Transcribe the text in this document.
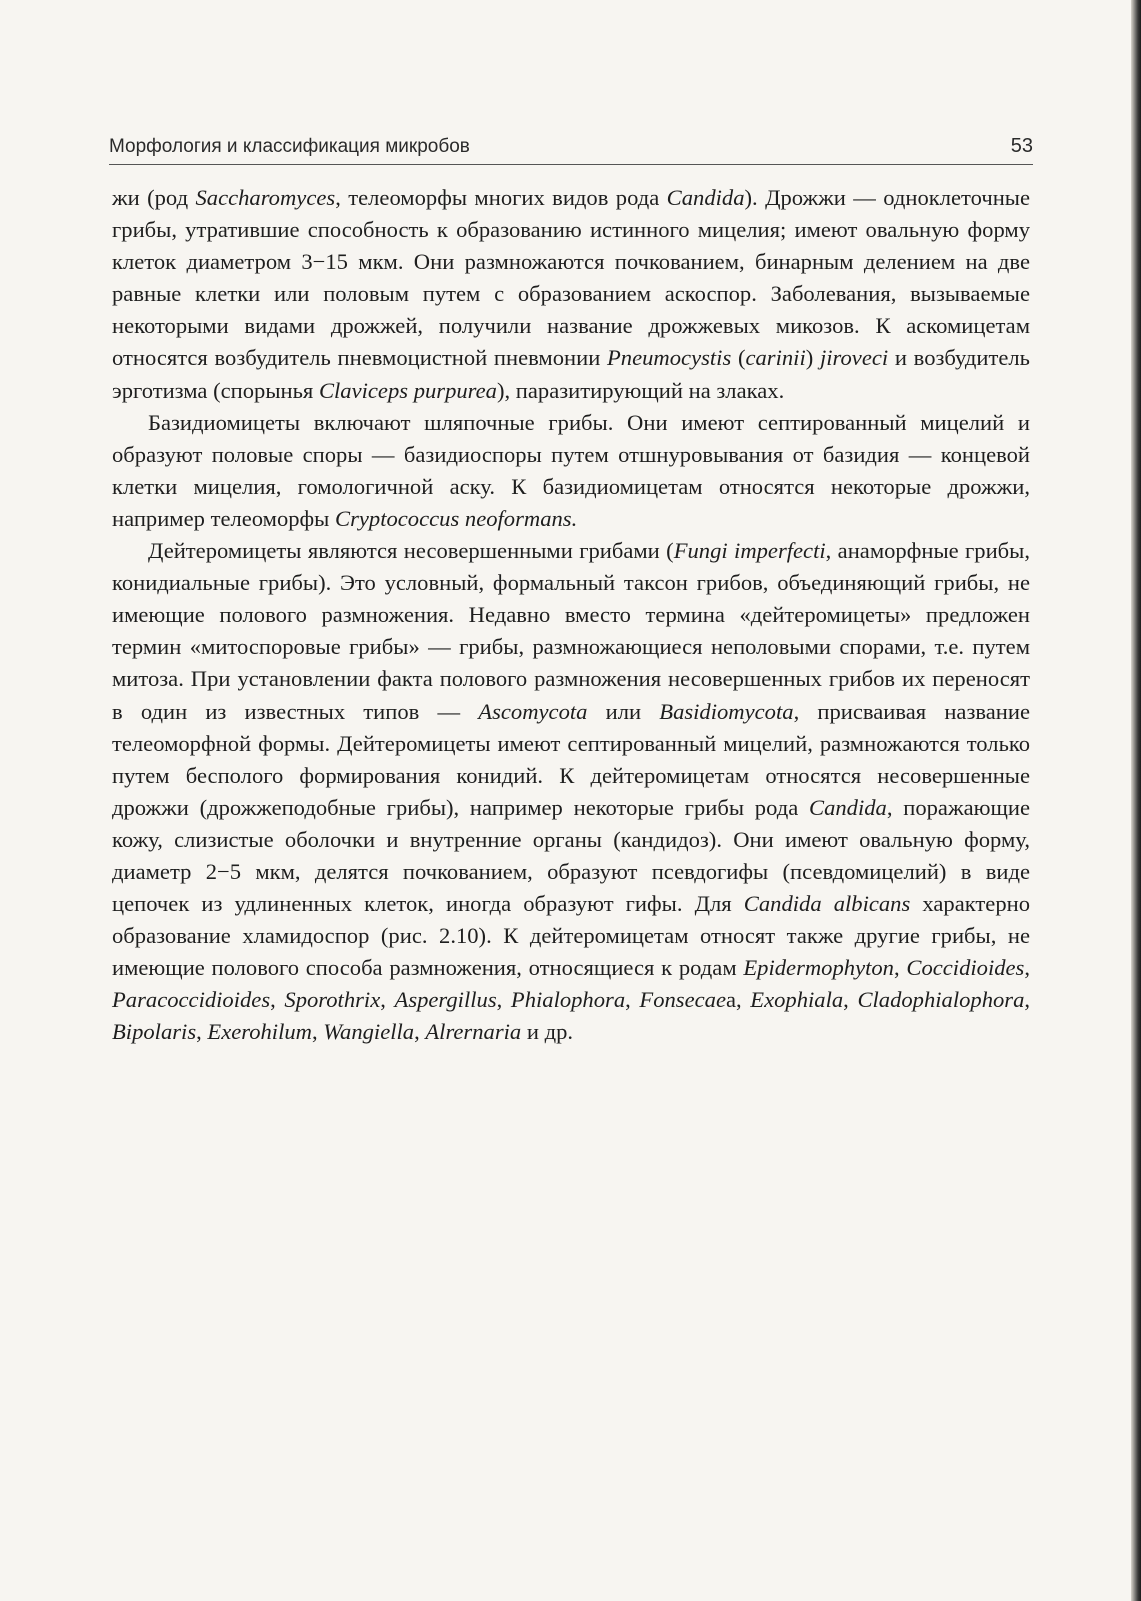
Морфология и классификация микробов	53

жи (род Saccharomyces, телеоморфы многих видов рода Candida). Дрожжи — одноклеточные грибы, утратившие способность к образованию истинного мицелия; имеют овальную форму клеток диаметром 3−15 мкм. Они размножаются почкованием, бинарным делением на две равные клетки или половым путем с образованием аскоспор. Заболевания, вызываемые некоторыми видами дрожжей, получили название дрожжевых микозов. К аскомицетам относятся возбудитель пневмоцистной пневмонии Pneumocystis (carinii) jiroveci и возбудитель эрготизма (спорынья Claviceps purpurea), паразитирующий на злаках.

Базидиомицеты включают шляпочные грибы. Они имеют септированный мицелий и образуют половые споры — базидиоспоры путем отшнуровывания от базидия — концевой клетки мицелия, гомологичной аску. К базидиомицетам относятся некоторые дрожжи, например телеоморфы Cryptococcus neoformans.

Дейтеромицеты являются несовершенными грибами (Fungi imperfecti, анаморфные грибы, конидиальные грибы). Это условный, формальный таксон грибов, объединяющий грибы, не имеющие полового размножения. Недавно вместо термина «дейтеромицеты» предложен термин «митоспоровые грибы» — грибы, размножающиеся неполовыми спорами, т.е. путем митоза. При установлении факта полового размножения несовершенных грибов их переносят в один из известных типов — Ascomycota или Basidiomycota, присваивая название телеоморфной формы. Дейтеромицеты имеют септированный мицелий, размножаются только путем бесполого формирования конидий. К дейтеромицетам относятся несовершенные дрожжи (дрожжеподобные грибы), например некоторые грибы рода Candida, поражающие кожу, слизистые оболочки и внутренние органы (кандидоз). Они имеют овальную форму, диаметр 2−5 мкм, делятся почкованием, образуют псевдогифы (псевдомицелий) в виде цепочек из удлиненных клеток, иногда образуют гифы. Для Candida albicans характерно образование хламидоспор (рис. 2.10). К дейтеромицетам относят также другие грибы, не имеющие полового способа размножения, относящиеся к родам Epidermophyton, Coccidioides, Paracoccidioides, Sporothrix, Aspergillus, Phialophora, Fonsecaea, Exophiala, Cladophialophora, Bipolaris, Exerohilum, Wangiella, Alrernaria и др.
